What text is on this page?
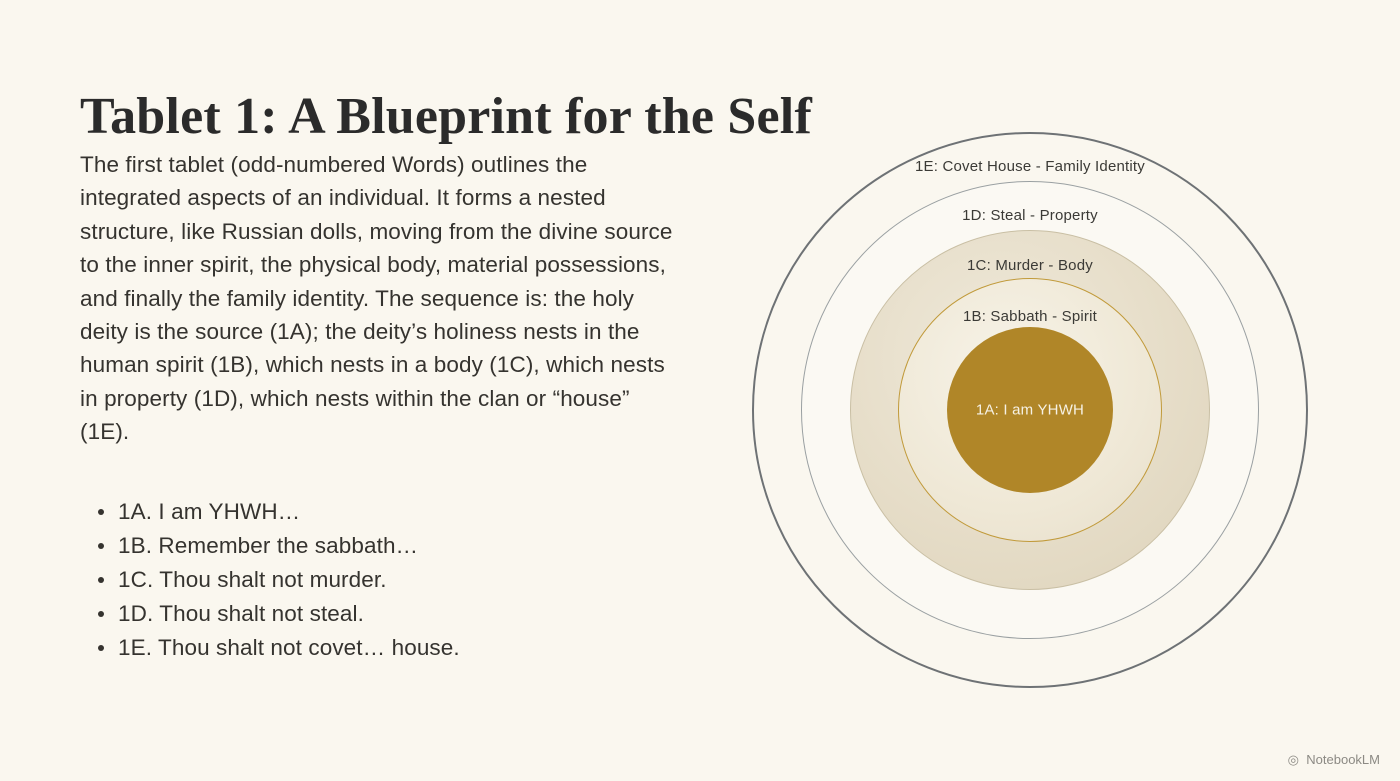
Tablet 1: A Blueprint for the Self

The first tablet (odd-numbered Words) outlines the integrated aspects of an individual. It forms a nested structure, like Russian dolls, moving from the divine source to the inner spirit, the physical body, material possessions, and finally the family identity. The sequence is: the holy deity is the source (1A); the deity’s holiness nests in the human spirit (1B), which nests in a body (1C), which nests in property (1D), which nests within the clan or “house” (1E).

1A. I am YHWH…
1B. Remember the sabbath…
1C. Thou shalt not murder.
1D. Thou shalt not steal.
1E. Thou shalt not covet… house.
1E: Covet House - Family Identity
1D: Steal - Property
1C: Murder - Body
1B: Sabbath - Spirit
1A: I am YHWH
◎ NotebookLM
